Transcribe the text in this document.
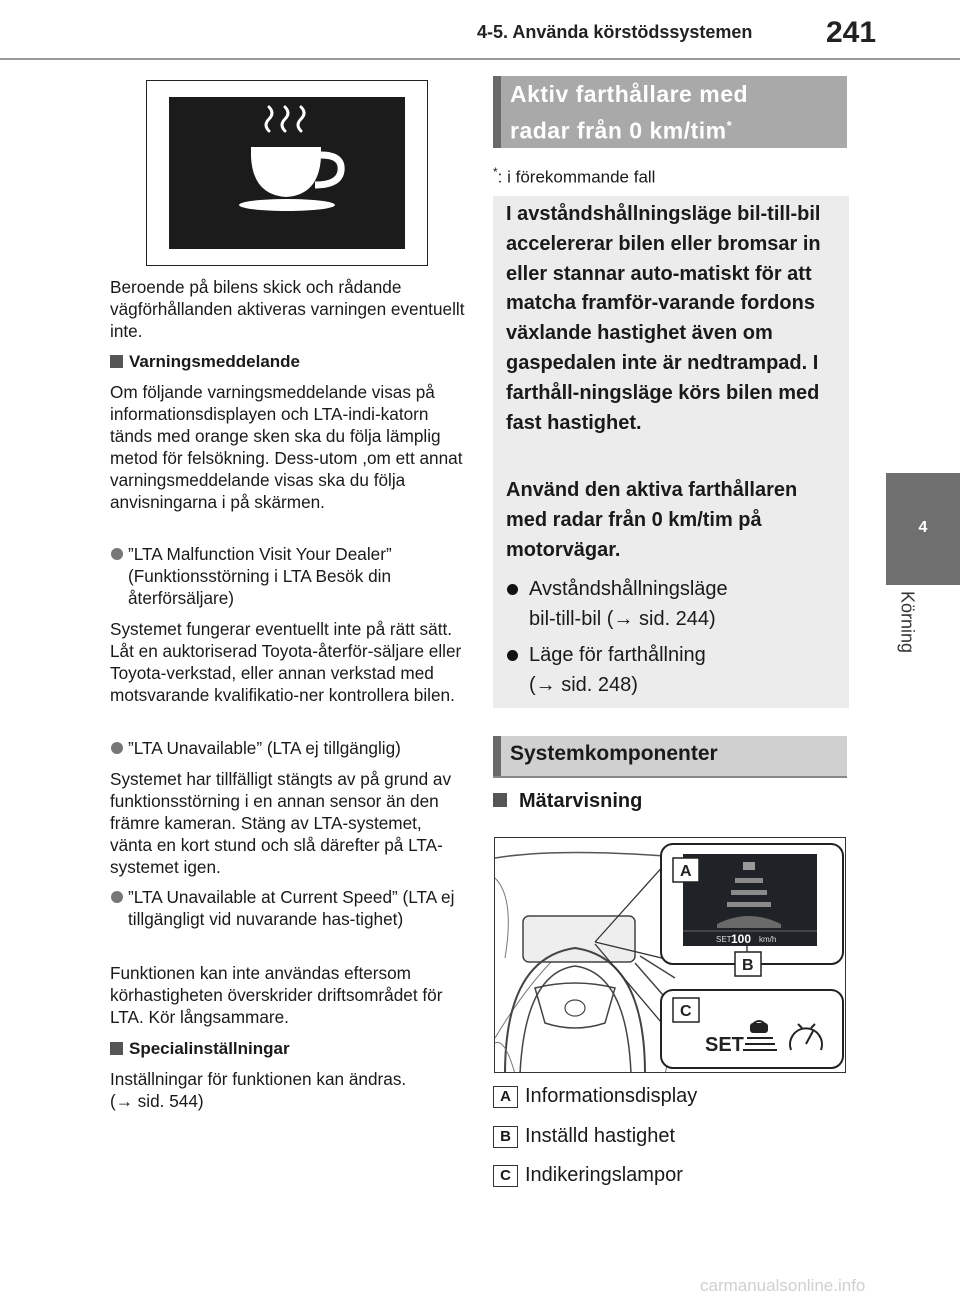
4-5. Använda körstödssystemen 241
4
Körning
Beroende på bilens skick och rådande vägförhållanden aktiveras varningen eventuellt inte.
Varningsmeddelande
Om följande varningsmeddelande visas på informationsdisplayen och LTA-indi-katorn tänds med orange sken ska du följa lämplig metod för felsökning. Dess-utom ,om ett annat varningsmeddelande visas ska du följa anvisningarna i på skärmen.
”LTA Malfunction Visit Your Dealer” (Funktionsstörning i LTA Besök din återförsäljare)
Systemet fungerar eventuellt inte på rätt sätt. Låt en auktoriserad Toyota-återför-säljare eller Toyota-verkstad, eller annan verkstad med motsvarande kvalifikatio-ner kontrollera bilen.
”LTA Unavailable” (LTA ej tillgänglig)
Systemet har tillfälligt stängts av på grund av funktionsstörning i en annan sensor än den främre kameran. Stäng av LTA-systemet, vänta en kort stund och slå därefter på LTA-systemet igen.
”LTA Unavailable at Current Speed” (LTA ej tillgängligt vid nuvarande has-tighet)
Funktionen kan inte användas eftersom körhastigheten överskrider driftsområdet för LTA. Kör långsammare.
Specialinställningar
Inställningar för funktionen kan ändras.
(→ sid. 544)
Aktiv farthållare med
radar från 0 km/tim*
*: i förekommande fall
I avståndshållningsläge bil-till-bil accelererar bilen eller bromsar in eller stannar auto-matiskt för att matcha framför-varande fordons växlande hastighet även om gaspedalen inte är nedtrampad. I farthåll-ningsläge körs bilen med fast hastighet.
Använd den aktiva farthållaren med radar från 0 km/tim på motorvägar.
Avståndshållningsläge
bil-till-bil (→ sid. 244)
Läge för farthållning
(→ sid. 248)
Systemkomponenter
Mätarvisning
SET 100 km/h
A
B
C
SET
A Informationsdisplay
B Inställd hastighet
C Indikeringslampor
carmanualsonline.info
